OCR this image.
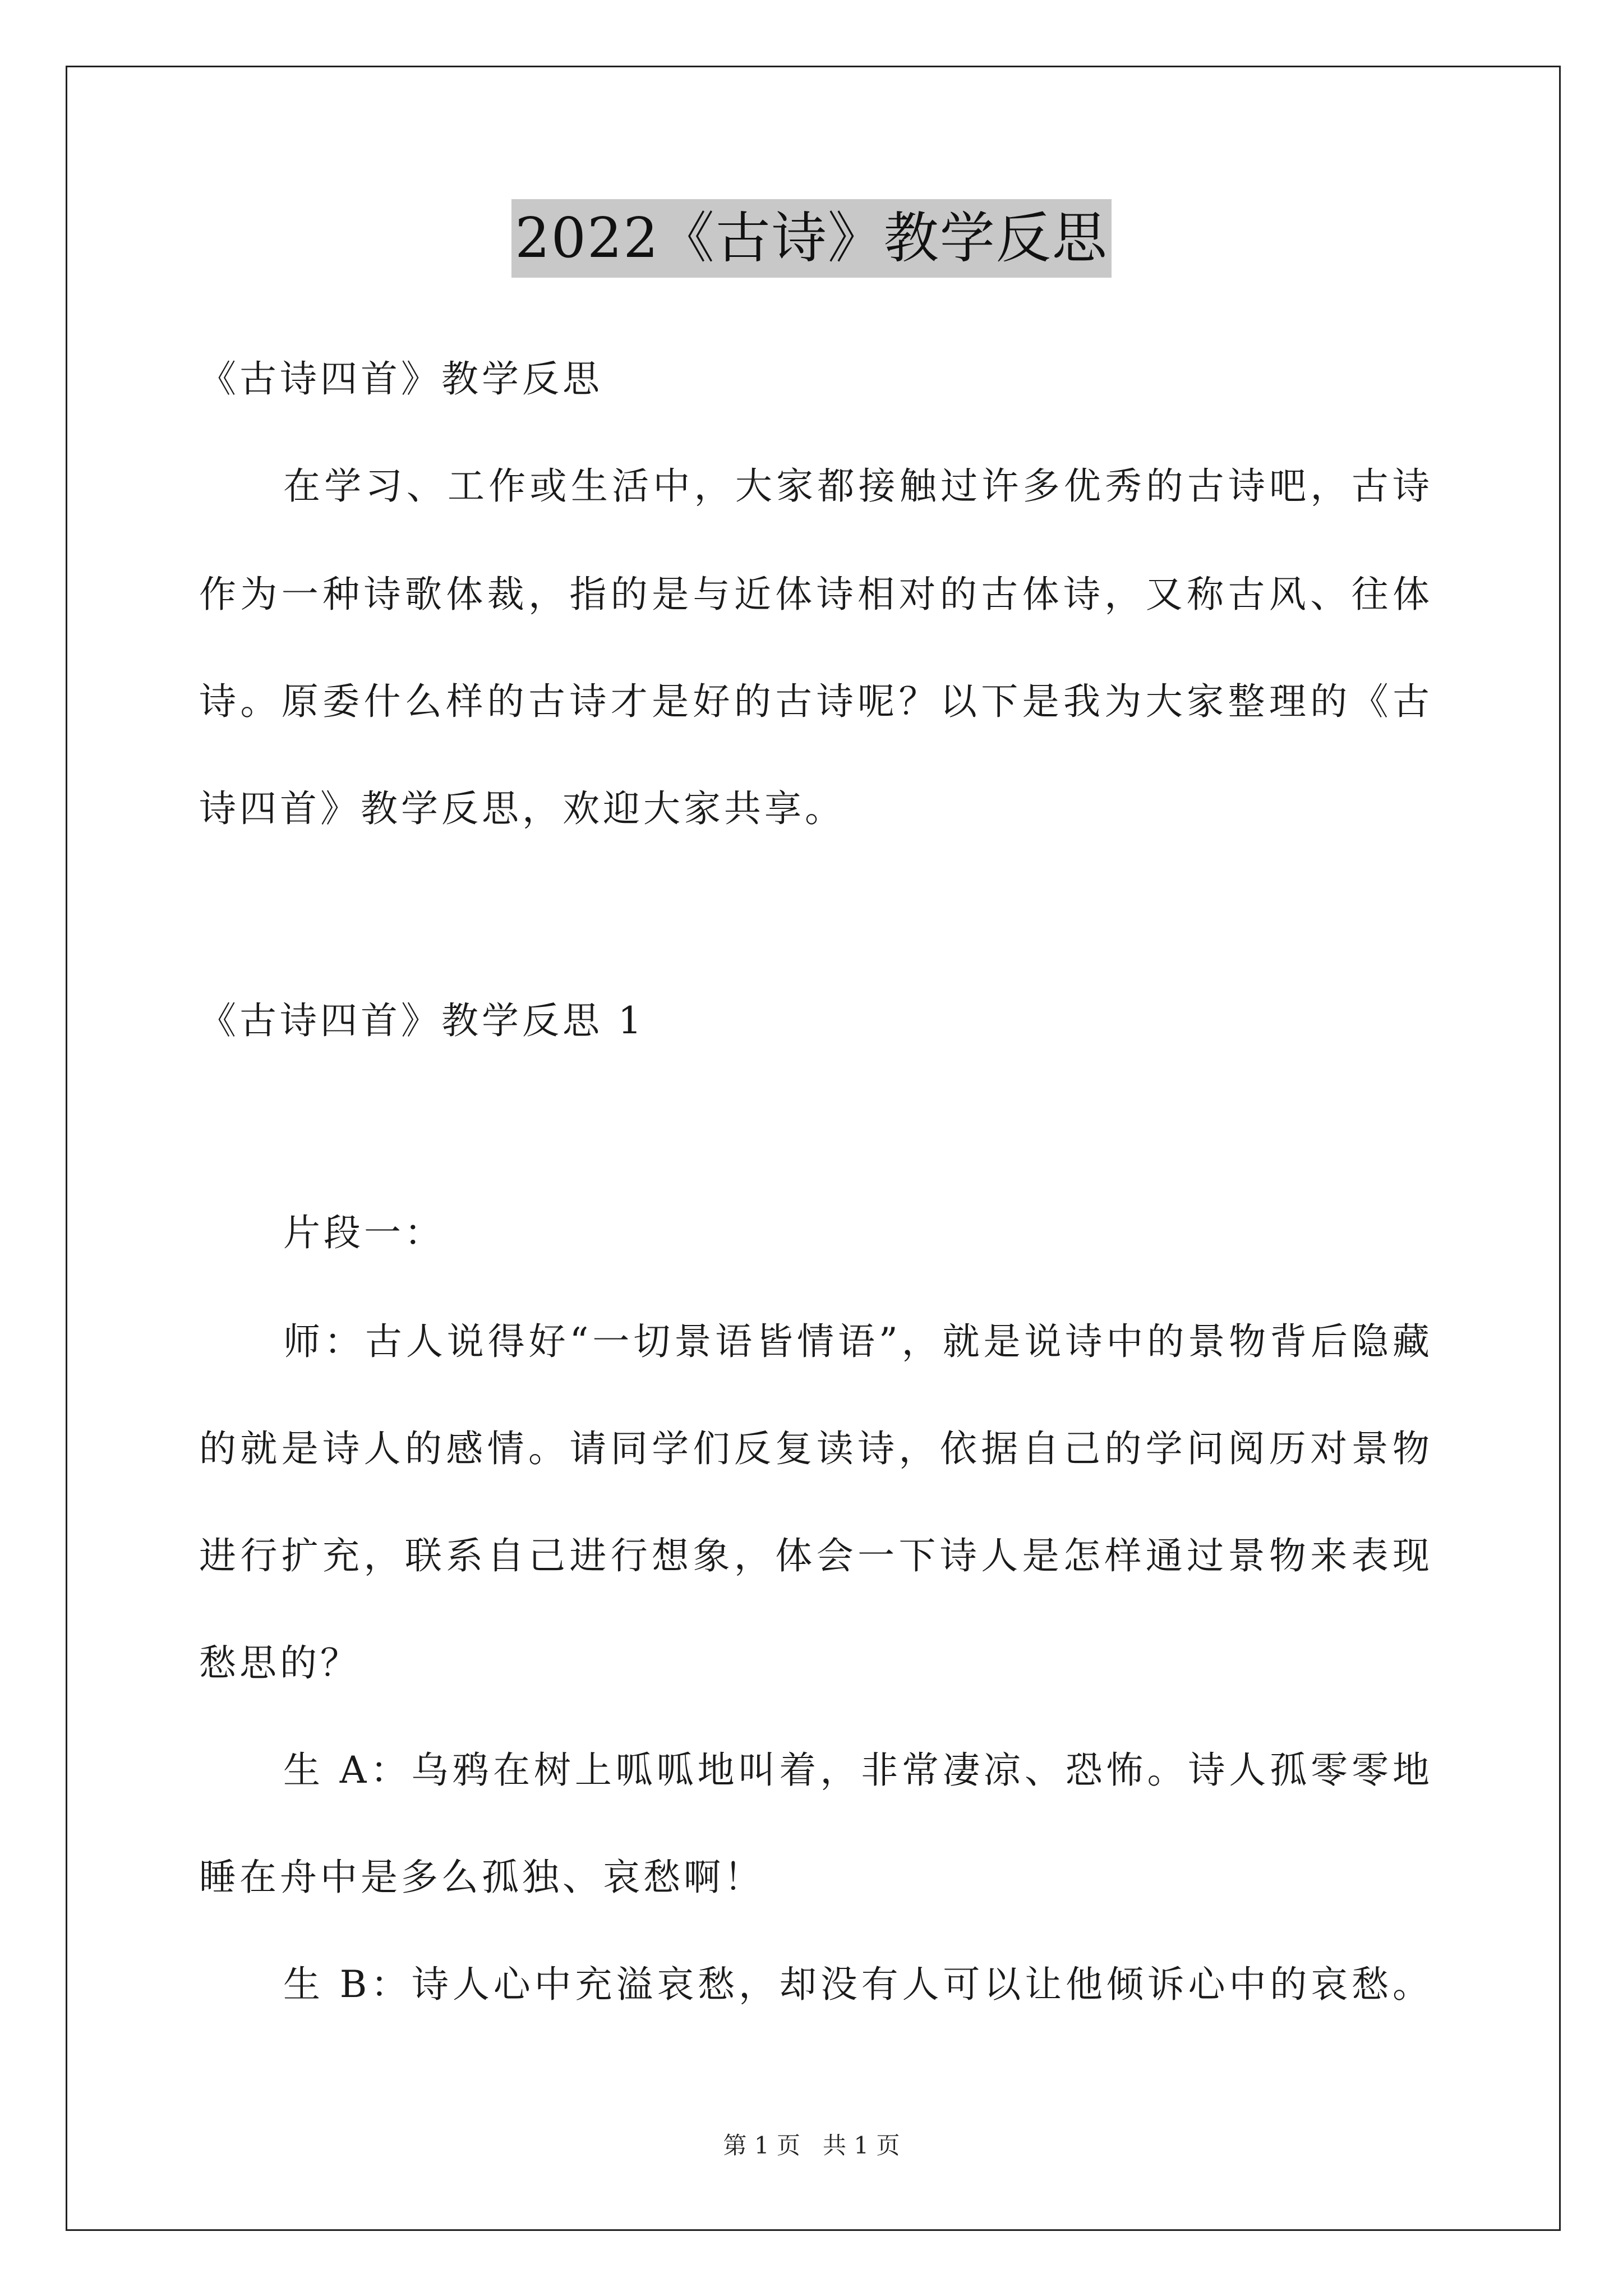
2022《古诗》教学反思
《古诗四首》教学反思
在学习、工作或生活中，大家都接触过许多优秀的古诗吧，古诗
作为一种诗歌体裁，指的是与近体诗相对的古体诗，又称古风、往体
诗。原委什么样的古诗才是好的古诗呢？以下是我为大家整理的《古
诗四首》教学反思，欢迎大家共享。
《古诗四首》教学反思 1
片段一：
师：古人说得好“一切景语皆情语”，就是说诗中的景物背后隐藏
的就是诗人的感情。请同学们反复读诗，依据自己的学问阅历对景物
进行扩充，联系自己进行想象，体会一下诗人是怎样通过景物来表现
愁思的？
生 A：乌鸦在树上呱呱地叫着，非常凄凉、恐怖。诗人孤零零地
睡在舟中是多么孤独、哀愁啊！
生 B：诗人心中充溢哀愁，却没有人可以让他倾诉心中的哀愁。
第 1 页   共 1 页
